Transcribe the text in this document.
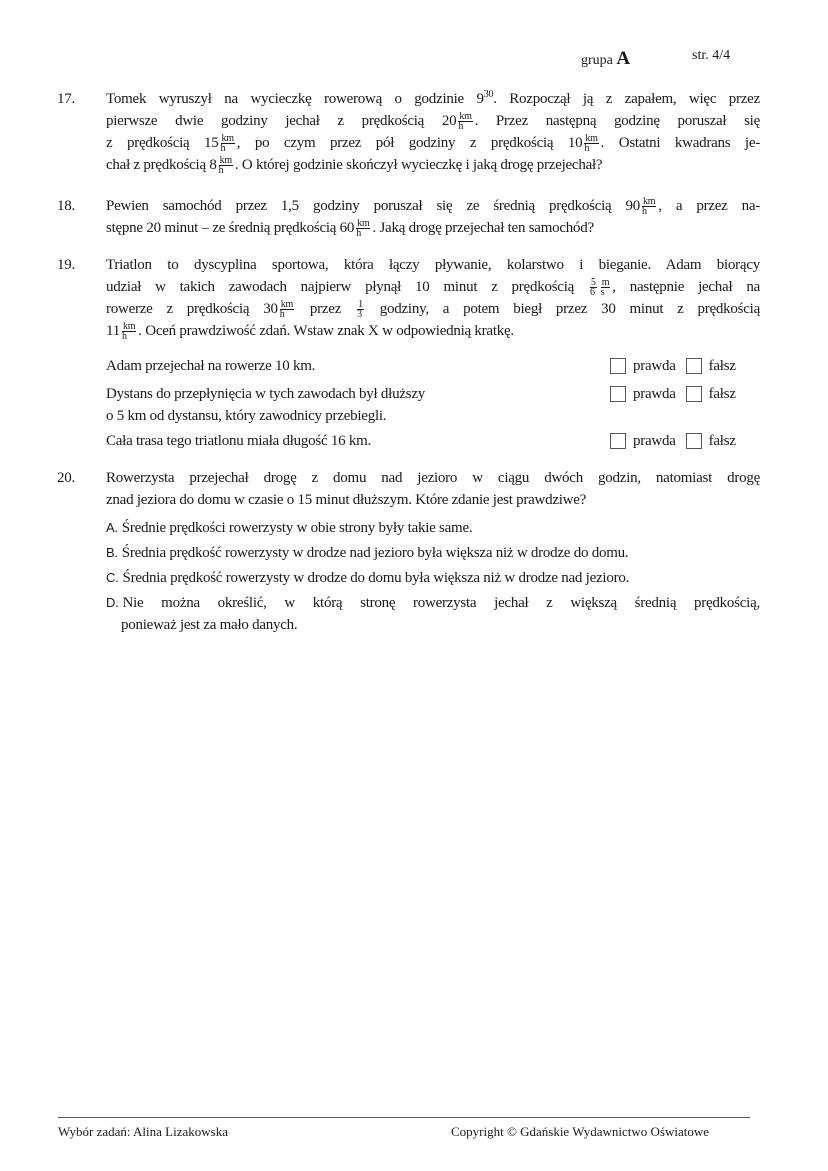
grupa A	str. 4/4
17.	Tomek wyruszył na wycieczkę rowerową o godzinie $9^{30}$. Rozpoczął ją z zapałem, więc przez
pierwsze dwie godziny jechał z prędkością $20 \frac{km}{h}$ . Przez następną godzinę poruszał się
z prędkością $15 \frac{km}{h}$ , po czym przez pół godziny z prędkością $10 \frac{km}{h}$ . Ostatni kwadrans je-
chał z prędkością $8 \frac{km}{h}$ . O której godzinie skończył wycieczkę i jaką drogę przejechał?
18.	Pewien samochód przez 1,5 godziny poruszał się ze średnią prędkością $90 \frac{km}{h}$ , a przez na-
stępne 20 minut – ze średnią prędkością $60 \frac{km}{h}$ . Jaką drogę przejechał ten samochód?
19.	Triatlon to dyscyplina sportowa, która łączy pływanie, kolarstwo i bieganie. Adam biorący
udział w takich zawodach najpierw płynął 10 minut z prędkością $\frac{5}{6} \frac{m}{s}$ , następnie jechał na
rowerze z prędkością $30 \frac{km}{h}$ przez $\frac{1}{3}$ godziny, a potem biegł przez 30 minut z prędkością
$11 \frac{km}{h}$ . Oceń prawdziwość zdań. Wstaw znak X w odpowiednią kratkę.
Adam przejechał na rowerze 10 km.	prawda fałsz
Dystans do przepłynięcia w tych zawodach był dłuższy
o 5 km od dystansu, który zawodnicy przebiegli.
prawda fałsz
Cała trasa tego triatlonu miała długość 16 km.	prawda fałsz
20.	Rowerzysta przejechał drogę z domu nad jezioro w ciągu dwóch godzin, natomiast drogę
znad jeziora do domu w czasie o 15 minut dłuższym. Które zdanie jest prawdziwe?
A. Średnie prędkości rowerzysty w obie strony były takie same.
B. Średnia prędkość rowerzysty w drodze nad jezioro była większa niż w drodze do domu.
C. Średnia prędkość rowerzysty w drodze do domu była większa niż w drodze nad jezioro.
D. Nie można określić, w którą stronę rowerzysta jechał z większą średnią prędkością,
ponieważ jest za mało danych.
Wybór zadań: Alina Lizakowska	Copyright © Gdańskie Wydawnictwo Oświatowe
